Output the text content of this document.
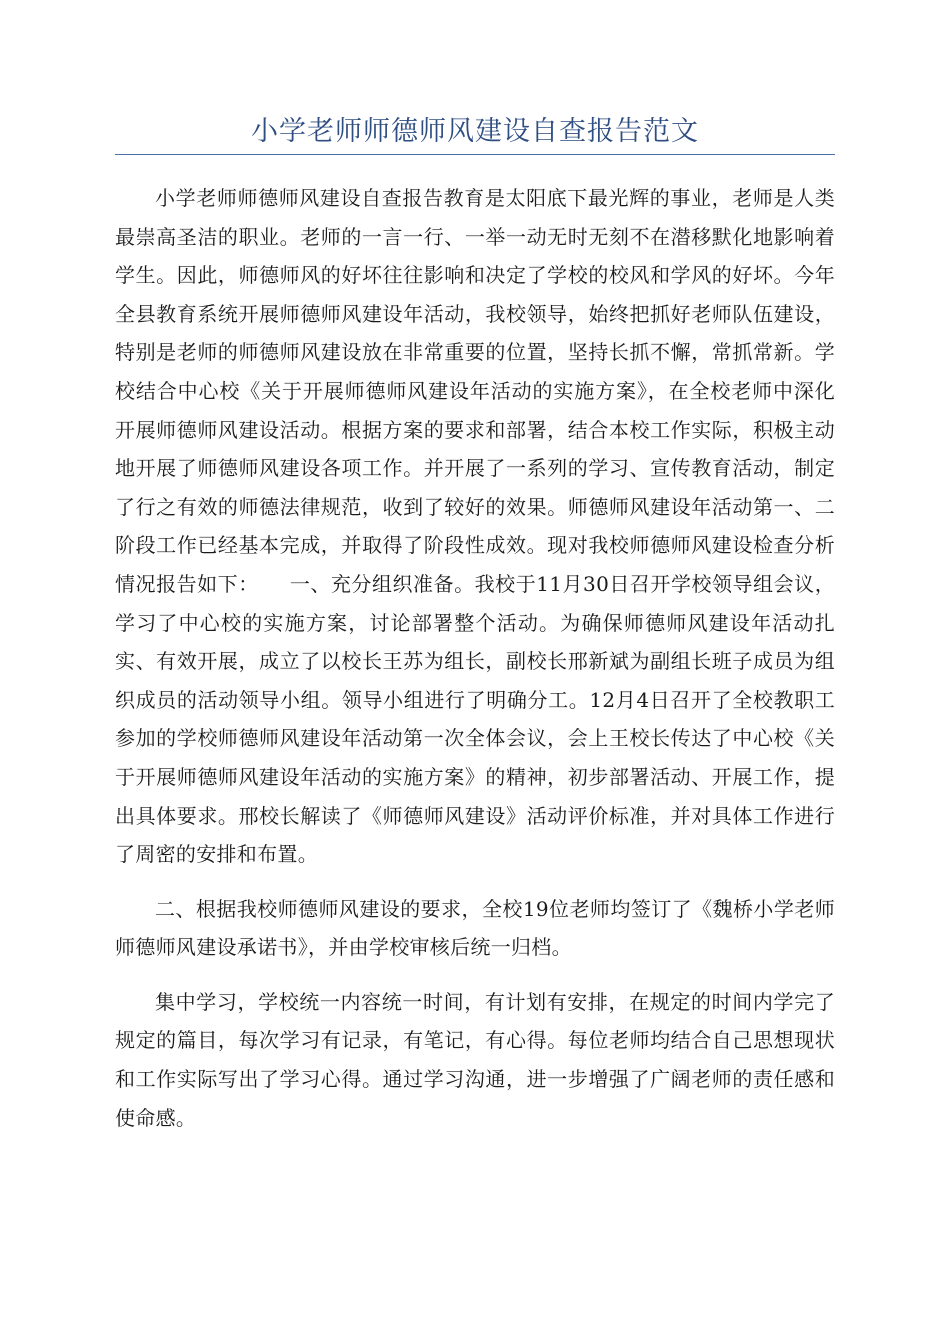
小学老师师德师风建设自查报告范文

小学老师师德师风建设自查报告教育是太阳底下最光辉的事业，老师是人类最崇高圣洁的职业。老师的一言一行、一举一动无时无刻不在潜移默化地影响着学生。因此，师德师风的好坏往往影响和决定了学校的校风和学风的好坏。今年全县教育系统开展师德师风建设年活动，我校领导，始终把抓好老师队伍建设，特别是老师的师德师风建设放在非常重要的位置，坚持长抓不懈，常抓常新。学校结合中心校《关于开展师德师风建设年活动的实施方案》，在全校老师中深化开展师德师风建设活动。根据方案的要求和部署，结合本校工作实际，积极主动地开展了师德师风建设各项工作。并开展了一系列的学习、宣传教育活动，制定了行之有效的师德法律规范，收到了较好的效果。师德师风建设年活动第一、二阶段工作已经基本完成，并取得了阶段性成效。现对我校师德师风建设检查分析情况报告如下：　　一、充分组织准备。我校于11月30日召开学校领导组会议，学习了中心校的实施方案，讨论部署整个活动。为确保师德师风建设年活动扎实、有效开展，成立了以校长王苏为组长，副校长邢新斌为副组长班子成员为组织成员的活动领导小组。领导小组进行了明确分工。12月4日召开了全校教职工参加的学校师德师风建设年活动第一次全体会议，会上王校长传达了中心校《关于开展师德师风建设年活动的实施方案》的精神，初步部署活动、开展工作，提出具体要求。邢校长解读了《师德师风建设》活动评价标准，并对具体工作进行了周密的安排和布置。

二、根据我校师德师风建设的要求，全校19位老师均签订了《魏桥小学老师师德师风建设承诺书》，并由学校审核后统一归档。

集中学习，学校统一内容统一时间，有计划有安排，在规定的时间内学完了规定的篇目，每次学习有记录，有笔记，有心得。每位老师均结合自己思想现状和工作实际写出了学习心得。通过学习沟通，进一步增强了广阔老师的责任感和使命感。
